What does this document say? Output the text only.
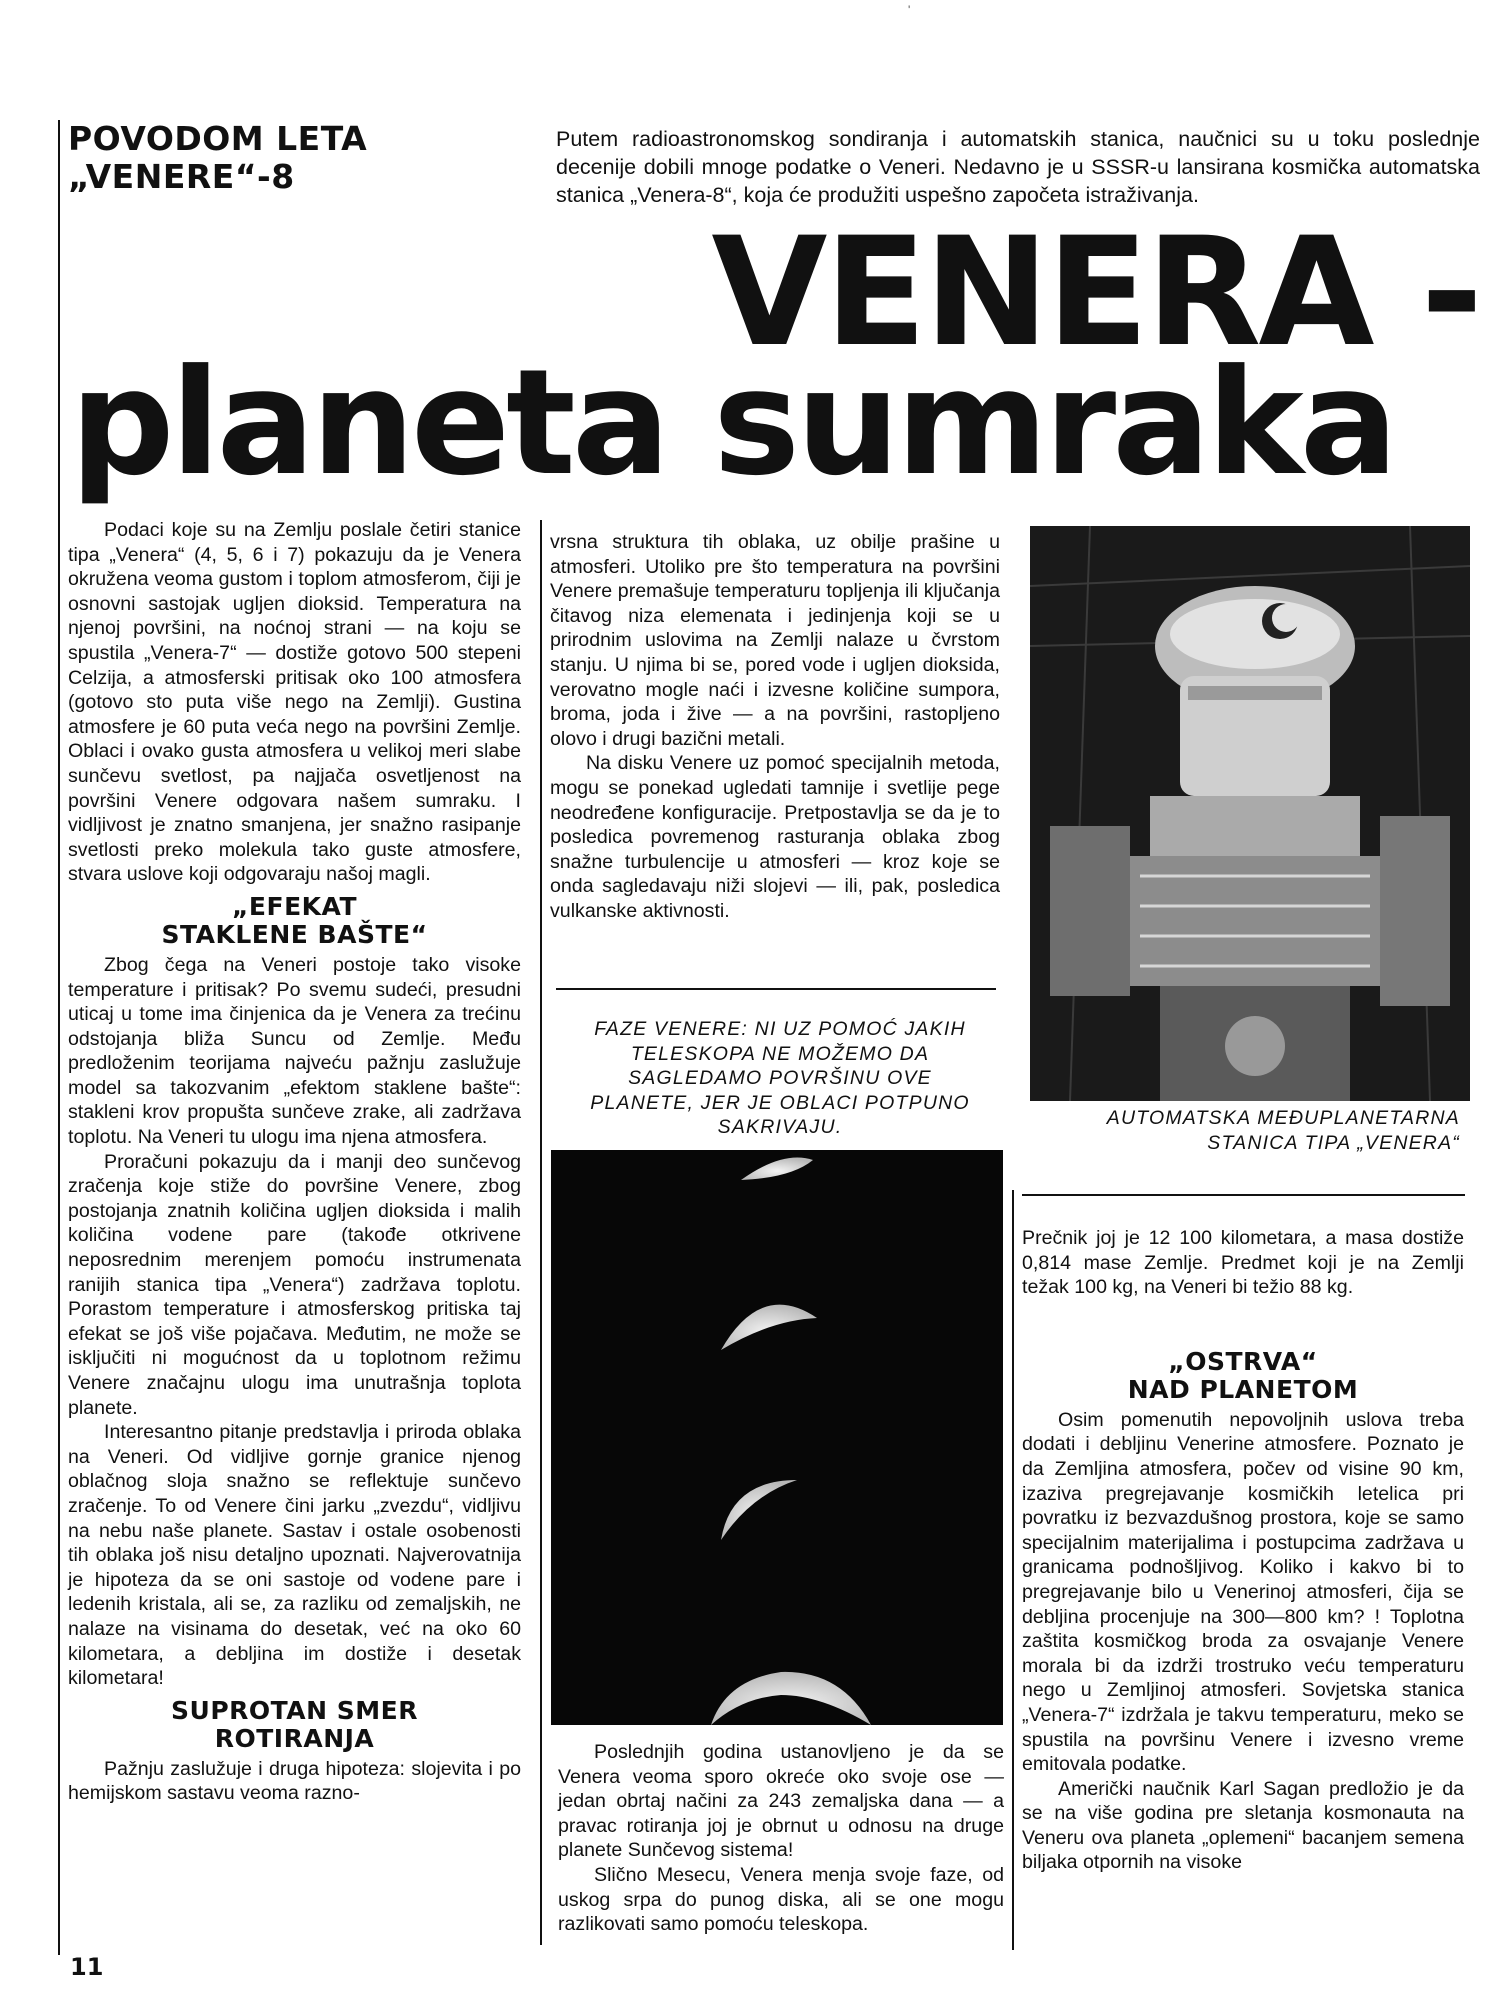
'
POVODOM LETA
„VENERE“-8
Putem radioastronomskog sondiranja i automatskih stanica, naučnici su u toku poslednje decenije dobili mnoge podatke o Veneri. Nedavno je u SSSR-u lansirana kosmička automatska stanica „Venera-8“, koja će produžiti uspešno započeta istraživanja.
VENERA -
planeta sumraka

Podaci koje su na Zemlju poslale četiri stanice tipa „Venera“ (4, 5, 6 i 7) pokazuju da je Venera okružena veoma gustom i toplom atmosferom, čiji je osnovni sastojak ugljen dioksid. Temperatura na njenoj površini, na noćnoj strani — na koju se spustila „Venera-7“ — dostiže gotovo 500 stepeni Celzija, a atmosferski pritisak oko 100 atmosfera (gotovo sto puta više nego na Zemlji). Gustina atmosfere je 60 puta veća nego na površini Zemlje. Oblaci i ovako gusta atmosfera u velikoj meri slabe sunčevu svetlost, pa najjača osvetljenost na površini Venere odgovara našem sumraku. I vidljivost je znatno smanjena, jer snažno rasipanje svetlosti preko molekula tako guste atmosfere, stvara uslove koji odgovaraju našoj magli.

„EFEKAT
STAKLENE BAŠTE“

Zbog čega na Veneri postoje tako visoke temperature i pritisak? Po svemu sudeći, presudni uticaj u tome ima činjenica da je Venera za trećinu odstojanja bliža Suncu od Zemlje. Među predloženim teorijama najveću pažnju zaslužuje model sa takozvanim „efektom staklene bašte“: stakleni krov propušta sunčeve zrake, ali zadržava toplotu. Na Veneri tu ulogu ima njena atmosfera.

Proračuni pokazuju da i manji deo sunčevog zračenja koje stiže do površine Venere, zbog postojanja znatnih količina ugljen dioksida i malih količina vodene pare (takođe otkrivene neposrednim merenjem pomoću instrumenata ranijih stanica tipa „Venera“) zadržava toplotu. Porastom temperature i atmosferskog pritiska taj efekat se još više pojačava. Međutim, ne može se isključiti ni mogućnost da u toplotnom režimu Venere značajnu ulogu ima unutrašnja toplota planete.

Interesantno pitanje predstavlja i priroda oblaka na Veneri. Od vidljive gornje granice njenog oblačnog sloja snažno se reflektuje sunčevo zračenje. To od Venere čini jarku „zvezdu“, vidljivu na nebu naše planete. Sastav i ostale osobenosti tih oblaka još nisu detaljno upoznati. Najverovatnija je hipoteza da se oni sastoje od vodene pare i ledenih kristala, ali se, za razliku od zemaljskih, ne nalaze na visinama do desetak, već na oko 60 kilometara, a debljina im dostiže i desetak kilometara!

SUPROTAN SMER
ROTIRANJA

Pažnju zaslužuje i druga hipoteza: slojevita i po hemijskom sastavu veoma razno-

vrsna struktura tih oblaka, uz obilje prašine u atmosferi. Utoliko pre što temperatura na površini Venere premašuje temperaturu topljenja ili ključanja čitavog niza elemenata i jedinjenja koji se u prirodnim uslovima na Zemlji nalaze u čvrstom stanju. U njima bi se, pored vode i ugljen dioksida, verovatno mogle naći i izvesne količine sumpora, broma, joda i žive — a na površini, rastopljeno olovo i drugi bazični metali.

Na disku Venere uz pomoć specijalnih metoda, mogu se ponekad ugledati tamnije i svetlije pege neodređene konfiguracije. Pretpostavlja se da je to posledica povremenog rasturanja oblaka zbog snažne turbulencije u atmosferi — kroz koje se onda sagledavaju niži slojevi — ili, pak, posledica vulkanske aktivnosti.

FAZE VENERE: NI UZ POMOĆ JAKIH TELESKOPA NE MOŽEMO DA SAGLEDAMO POVRŠINU OVE PLANETE, JER JE OBLACI POTPUNO SAKRIVAJU.

Poslednjih godina ustanovljeno je da se Venera veoma sporo okreće oko svoje ose — jedan obrtaj načini za 243 zemaljska dana — a pravac rotiranja joj je obrnut u odnosu na druge planete Sunčevog sistema!

Slično Mesecu, Venera menja svoje faze, od uskog srpa do punog diska, ali se one mogu razlikovati samo pomoću teleskopa.

AUTOMATSKA MEĐUPLANETARNA STANICA TIPA „VENERA“

Prečnik joj je 12 100 kilometara, a masa dostiže 0,814 mase Zemlje. Predmet koji je na Zemlji težak 100 kg, na Veneri bi težio 88 kg.

„OSTRVA“
NAD PLANETOM

Osim pomenutih nepovoljnih uslova treba dodati i debljinu Venerine atmosfere. Poznato je da Zemljina atmosfera, počev od visine 90 km, izaziva pregrejavanje kosmičkih letelica pri povratku iz bezvazdušnog prostora, koje se samo specijalnim materijalima i postupcima zadržava u granicama podnošljivog. Koliko i kakvo bi to pregrejavanje bilo u Venerinoj atmosferi, čija se debljina procenjuje na 300—800 km? ! Toplotna zaštita kosmičkog broda za osvajanje Venere morala bi da izdrži trostruko veću temperaturu nego u Zemljinoj atmosferi. Sovjetska stanica „Venera-7“ izdržala je takvu temperaturu, meko se spustila na površinu Venere i izvesno vreme emitovala podatke.

Američki naučnik Karl Sagan predložio je da se na više godina pre sletanja kosmonauta na Veneru ova planeta „oplemeni“ bacanjem semena biljaka otpornih na visoke

11
